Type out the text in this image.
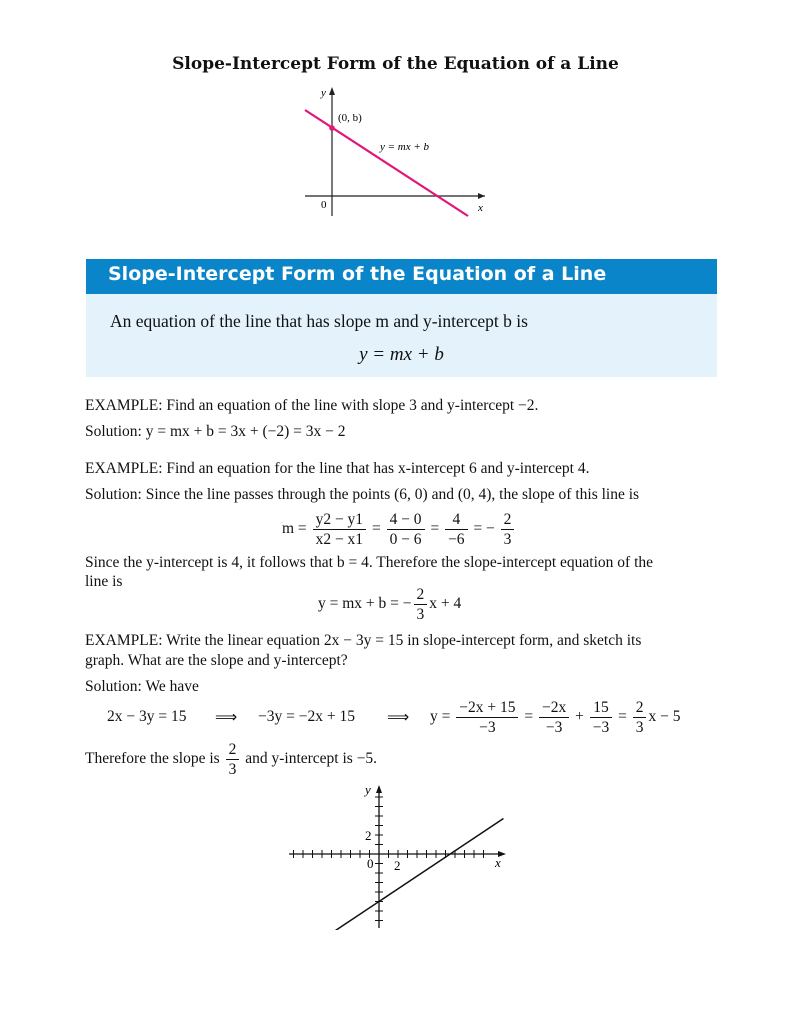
Slope-Intercept Form of the Equation of a Line
y
x
0
(0, b)
y = mx + b
Slope-Intercept Form of the Equation of a Line
An equation of the line that has slope m and y-intercept b is
y = mx + b
EXAMPLE: Find an equation of the line with slope 3 and y-intercept −2.
Solution: y = mx + b = 3x + (−2) = 3x − 2
EXAMPLE: Find an equation for the line that has x-intercept 6 and y-intercept 4.
Solution: Since the line passes through the points (6, 0) and (0, 4), the slope of this line is
$m = \frac{y2 - y1}{x2 - x1} = \frac{4 - 0}{0 - 6} = \frac{4}{-6}$ = − $\frac{2}{3}$
Since the y-intercept is 4, it follows that b = 4. Therefore the slope-intercept equation of the
line is
y = mx + b = − $\frac{2}{3}$ x + 4
EXAMPLE: Write the linear equation 2x − 3y = 15 in slope-intercept form, and sketch its
graph. What are the slope and y-intercept?
Solution: We have
2x − 3y = 15 ⟹ −3y = −2x + 15 ⟹ $y = \frac{-2x + 15}{-3} = \frac{-2x}{-3} + \frac{15}{-3} = \frac{2}{3}$ x − 5
Therefore the slope is $\frac{2}{3}$ and y-intercept is −5.
y
x
0 2
2
